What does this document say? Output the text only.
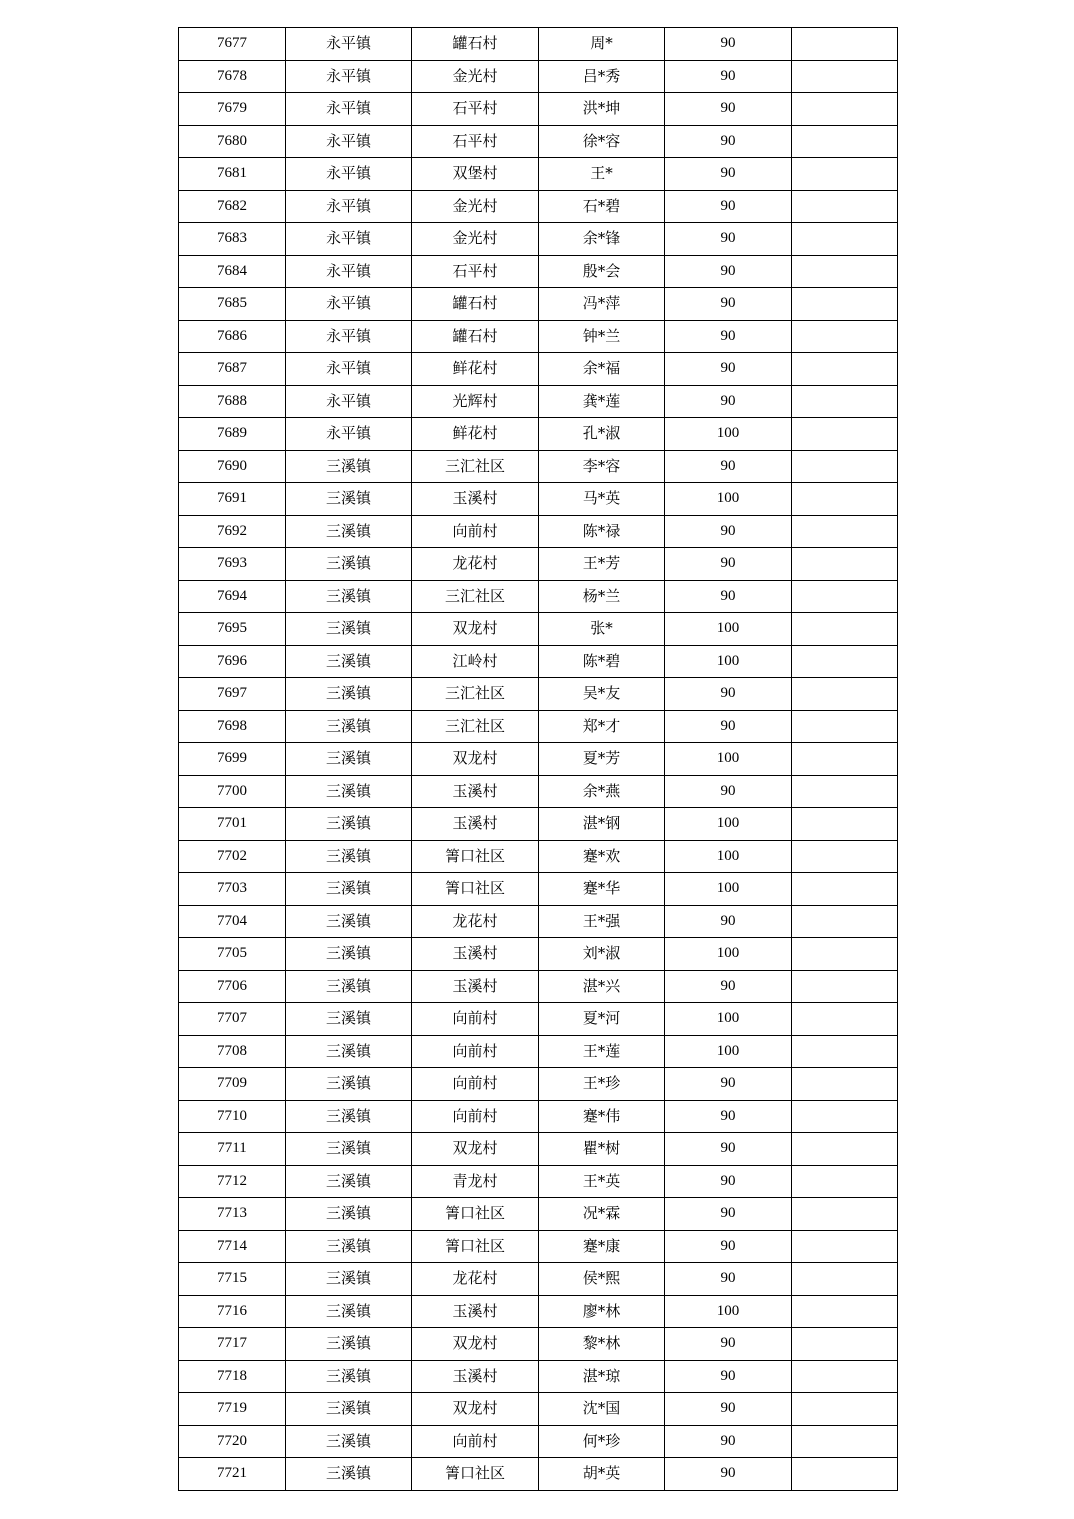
7677	永平镇	罐石村	周*	90	
7678	永平镇	金光村	吕*秀	90	
7679	永平镇	石平村	洪*坤	90	
7680	永平镇	石平村	徐*容	90	
7681	永平镇	双堡村	王*	90	
7682	永平镇	金光村	石*碧	90	
7683	永平镇	金光村	余*锋	90	
7684	永平镇	石平村	殷*会	90	
7685	永平镇	罐石村	冯*萍	90	
7686	永平镇	罐石村	钟*兰	90	
7687	永平镇	鲜花村	余*福	90	
7688	永平镇	光辉村	龚*莲	90	
7689	永平镇	鲜花村	孔*淑	100	
7690	三溪镇	三汇社区	李*容	90	
7691	三溪镇	玉溪村	马*英	100	
7692	三溪镇	向前村	陈*禄	90	
7693	三溪镇	龙花村	王*芳	90	
7694	三溪镇	三汇社区	杨*兰	90	
7695	三溪镇	双龙村	张*	100	
7696	三溪镇	江岭村	陈*碧	100	
7697	三溪镇	三汇社区	吴*友	90	
7698	三溪镇	三汇社区	郑*才	90	
7699	三溪镇	双龙村	夏*芳	100	
7700	三溪镇	玉溪村	余*燕	90	
7701	三溪镇	玉溪村	湛*钢	100	
7702	三溪镇	箐口社区	蹇*欢	100	
7703	三溪镇	箐口社区	蹇*华	100	
7704	三溪镇	龙花村	王*强	90	
7705	三溪镇	玉溪村	刘*淑	100	
7706	三溪镇	玉溪村	湛*兴	90	
7707	三溪镇	向前村	夏*河	100	
7708	三溪镇	向前村	王*莲	100	
7709	三溪镇	向前村	王*珍	90	
7710	三溪镇	向前村	蹇*伟	90	
7711	三溪镇	双龙村	瞿*树	90	
7712	三溪镇	青龙村	王*英	90	
7713	三溪镇	箐口社区	况*霖	90	
7714	三溪镇	箐口社区	蹇*康	90	
7715	三溪镇	龙花村	侯*熙	90	
7716	三溪镇	玉溪村	廖*林	100	
7717	三溪镇	双龙村	黎*林	90	
7718	三溪镇	玉溪村	湛*琼	90	
7719	三溪镇	双龙村	沈*国	90	
7720	三溪镇	向前村	何*珍	90	
7721	三溪镇	箐口社区	胡*英	90	
